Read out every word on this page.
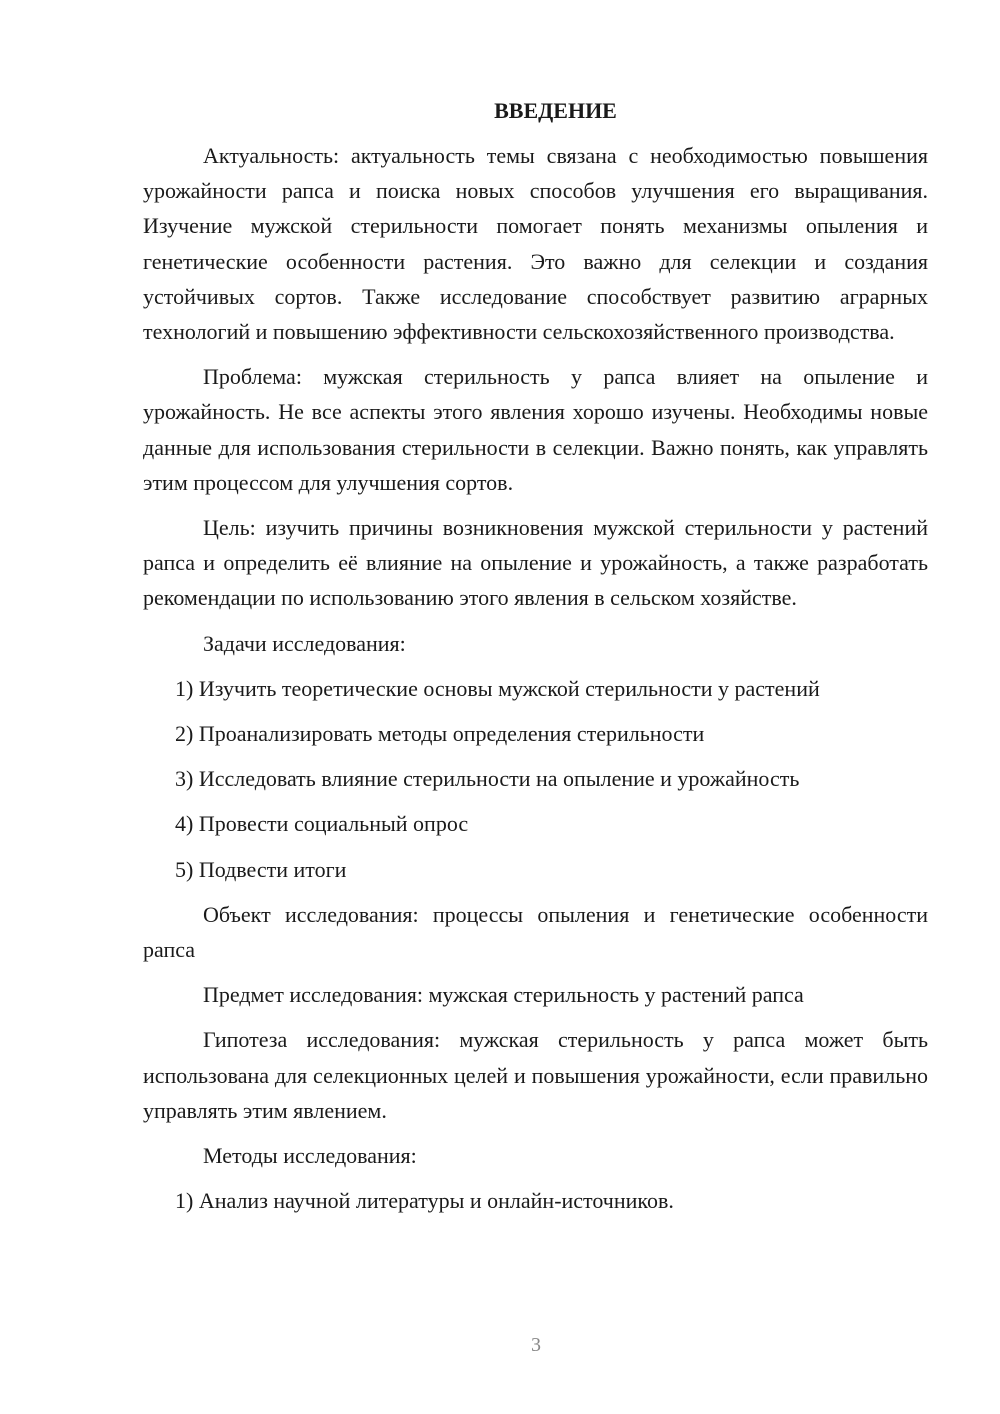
ВВЕДЕНИЕ

Актуальность: актуальность темы связана с необходимостью повышения урожайности рапса и поиска новых способов улучшения его выращивания. Изучение мужской стерильности помогает понять механизмы опыления и генетические особенности растения. Это важно для селекции и создания устойчивых сортов. Также исследование способствует развитию аграрных технологий и повышению эффективности сельскохозяйственного производства.

Проблема: мужская стерильность у рапса влияет на опыление и урожайность. Не все аспекты этого явления хорошо изучены. Необходимы новые данные для использования стерильности в селекции. Важно понять, как управлять этим процессом для улучшения сортов.

Цель: изучить причины возникновения мужской стерильности у растений рапса и определить её влияние на опыление и урожайность, а также разработать рекомендации по использованию этого явления в сельском хозяйстве.

Задачи исследования:

1) Изучить теоретические основы мужской стерильности у растений
2) Проанализировать методы определения стерильности
3) Исследовать влияние стерильности на опыление и урожайность
4) Провести социальный опрос
5) Подвести итоги

Объект исследования: процессы опыления и генетические особенности рапса

Предмет исследования: мужская стерильность у растений рапса

Гипотеза исследования: мужская стерильность у рапса может быть использована для селекционных целей и повышения урожайности, если правильно управлять этим явлением.

Методы исследования:

1) Анализ научной литературы и онлайн-источников.
3
